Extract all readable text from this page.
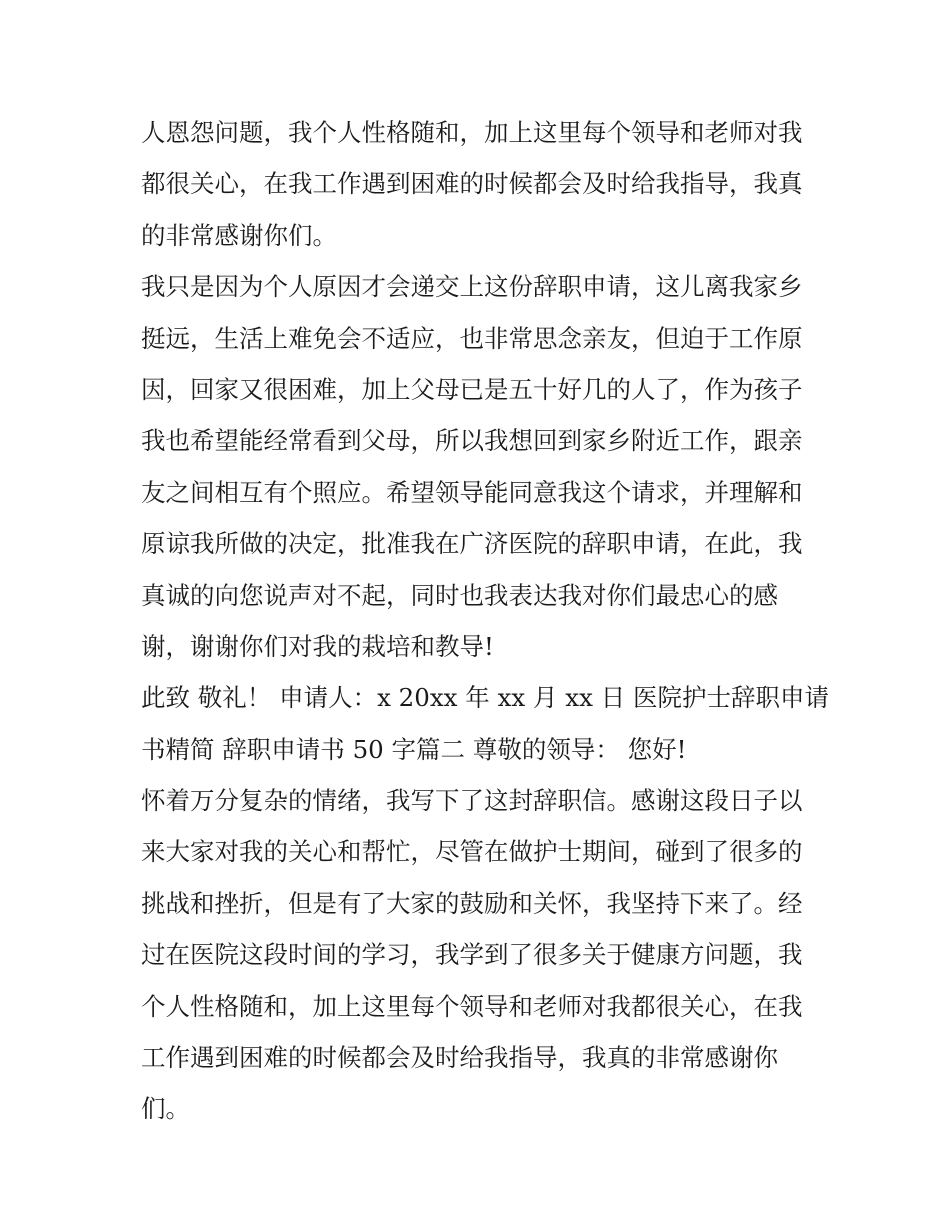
人恩怨问题，我个人性格随和，加上这里每个领导和老师对我
都很关心，在我工作遇到困难的时候都会及时给我指导，我真
的非常感谢你们。
我只是因为个人原因才会递交上这份辞职申请，这儿离我家乡
挺远，生活上难免会不适应，也非常思念亲友，但迫于工作原
因，回家又很困难，加上父母已是五十好几的人了，作为孩子
我也希望能经常看到父母，所以我想回到家乡附近工作，跟亲
友之间相互有个照应。希望领导能同意我这个请求，并理解和
原谅我所做的决定，批准我在广济医院的辞职申请，在此，我
真诚的向您说声对不起，同时也我表达我对你们最忠心的感
谢，谢谢你们对我的栽培和教导!
此致 敬礼！ 申请人：x 20xx 年 xx 月 xx 日 医院护士辞职申请
书精简 辞职申请书 50 字篇二 尊敬的领导： 您好!
怀着万分复杂的情绪，我写下了这封辞职信。感谢这段日子以
来大家对我的关心和帮忙，尽管在做护士期间，碰到了很多的
挑战和挫折，但是有了大家的鼓励和关怀，我坚持下来了。经
过在医院这段时间的学习，我学到了很多关于健康方问题，我
个人性格随和，加上这里每个领导和老师对我都很关心，在我
工作遇到困难的时候都会及时给我指导，我真的非常感谢你
们。
